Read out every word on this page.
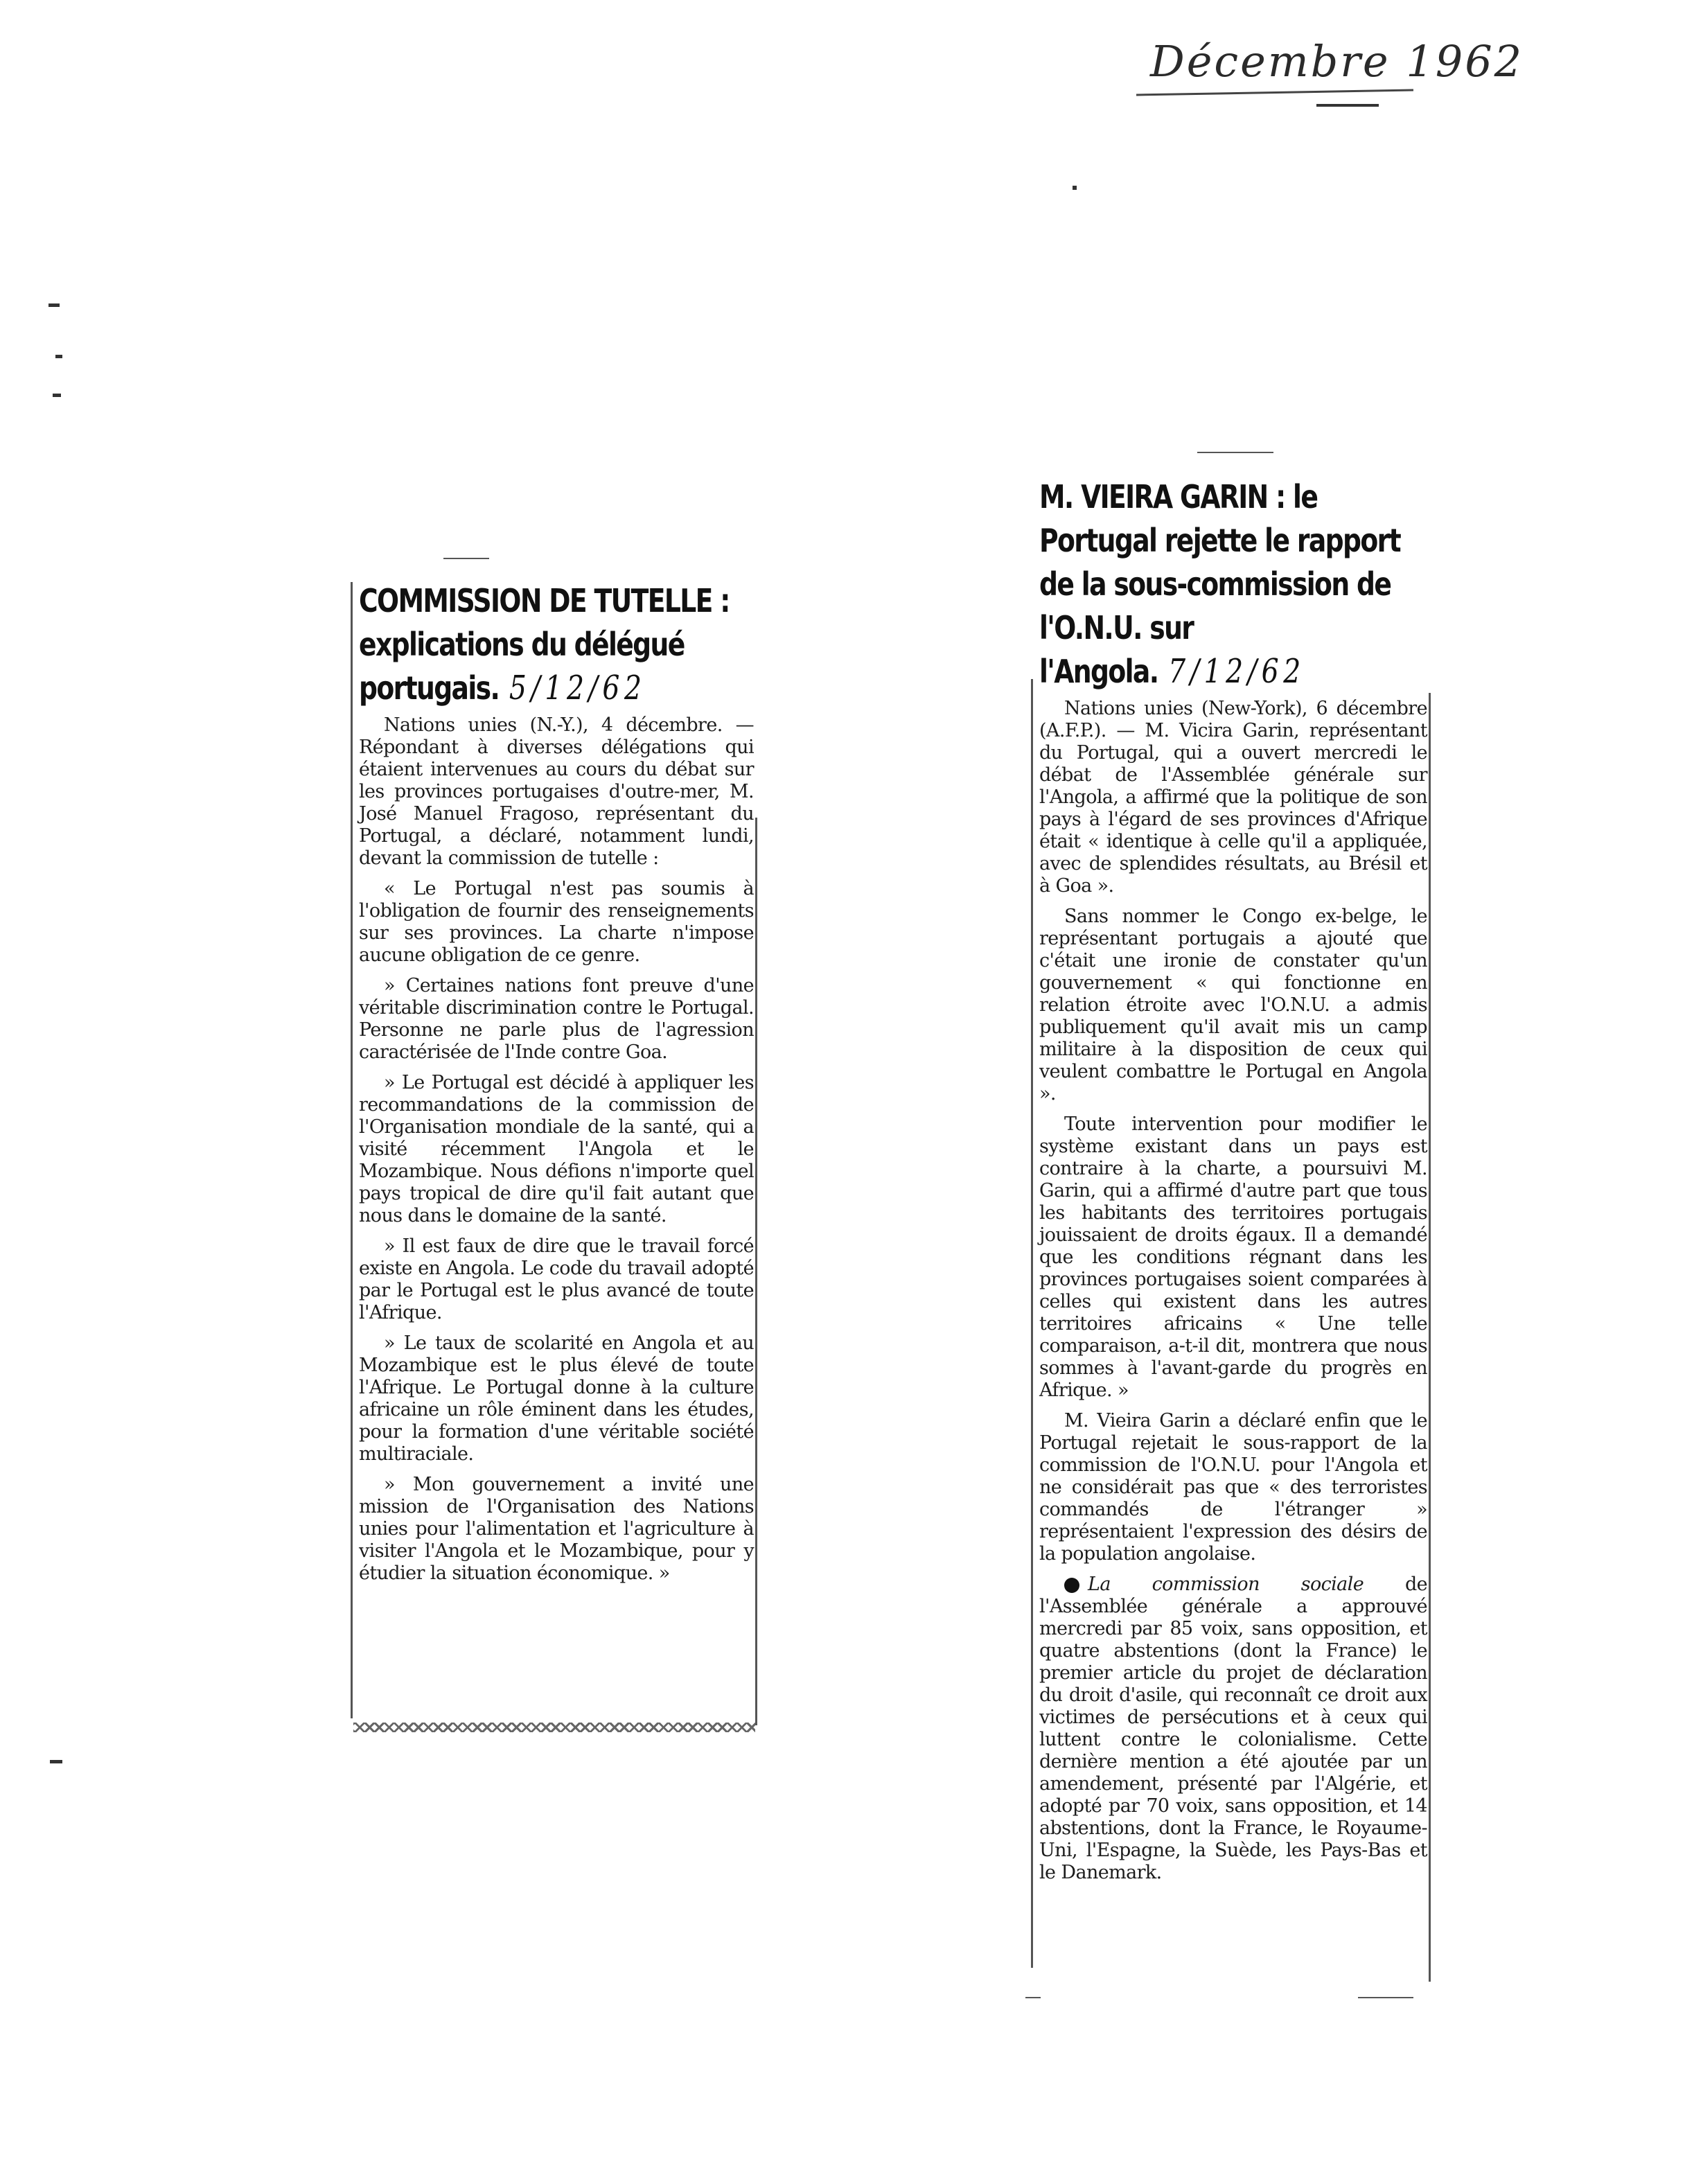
Décembre 1962
COMMISSION DE TUTELLE : explications du délégué portugais. 5/12/62

Nations unies (N.-Y.), 4 décembre. — Répondant à diverses délégations qui étaient intervenues au cours du débat sur les provinces portugaises d'outre-mer, M. José Manuel Fragoso, représentant du Portugal, a déclaré, notamment lundi, devant la commission de tutelle :

« Le Portugal n'est pas soumis à l'obligation de fournir des renseignements sur ses provinces. La charte n'impose aucune obligation de ce genre.

» Certaines nations font preuve d'une véritable discrimination contre le Portugal. Personne ne parle plus de l'agression caractérisée de l'Inde contre Goa.

» Le Portugal est décidé à appliquer les recommandations de la commission de l'Organisation mondiale de la santé, qui a visité récemment l'Angola et le Mozambique. Nous défions n'importe quel pays tropical de dire qu'il fait autant que nous dans le domaine de la santé.

» Il est faux de dire que le travail forcé existe en Angola. Le code du travail adopté par le Portugal est le plus avancé de toute l'Afrique.

» Le taux de scolarité en Angola et au Mozambique est le plus élevé de toute l'Afrique. Le Portugal donne à la culture africaine un rôle éminent dans les études, pour la formation d'une véritable société multiraciale.

» Mon gouvernement a invité une mission de l'Organisation des Nations unies pour l'alimentation et l'agriculture à visiter l'Angola et le Mozambique, pour y étudier la situation économique. »

M. VIEIRA GARIN : le Portugal rejette le rapport de la sous-commission de l'O.N.U. sur l'Angola. 7/12/62

Nations unies (New-York), 6 décembre (A.F.P.). — M. Vicira Garin, représentant du Portugal, qui a ouvert mercredi le débat de l'Assemblée générale sur l'Angola, a affirmé que la politique de son pays à l'égard de ses provinces d'Afrique était « identique à celle qu'il a appliquée, avec de splendides résultats, au Brésil et à Goa ».

Sans nommer le Congo ex-belge, le représentant portugais a ajouté que c'était une ironie de constater qu'un gouvernement « qui fonctionne en relation étroite avec l'O.N.U. a admis publiquement qu'il avait mis un camp militaire à la disposition de ceux qui veulent combattre le Portugal en Angola ».

Toute intervention pour modifier le système existant dans un pays est contraire à la charte, a poursuivi M. Garin, qui a affirmé d'autre part que tous les habitants des territoires portugais jouissaient de droits égaux. Il a demandé que les conditions régnant dans les provinces portugaises soient comparées à celles qui existent dans les autres territoires africains « Une telle comparaison, a-t-il dit, montrera que nous sommes à l'avant-garde du progrès en Afrique. »

M. Vieira Garin a déclaré enfin que le Portugal rejetait le sous-rapport de la commission de l'O.N.U. pour l'Angola et ne considérait pas que « des terroristes commandés de l'étranger » représentaient l'expression des désirs de la population angolaise.

La commission sociale de l'Assemblée générale a approuvé mercredi par 85 voix, sans opposition, et quatre abstentions (dont la France) le premier article du projet de déclaration du droit d'asile, qui reconnaît ce droit aux victimes de persécutions et à ceux qui luttent contre le colonialisme. Cette dernière mention a été ajoutée par un amendement, présenté par l'Algérie, et adopté par 70 voix, sans opposition, et 14 abstentions, dont la France, le Royaume-Uni, l'Espagne, la Suède, les Pays-Bas et le Danemark.
